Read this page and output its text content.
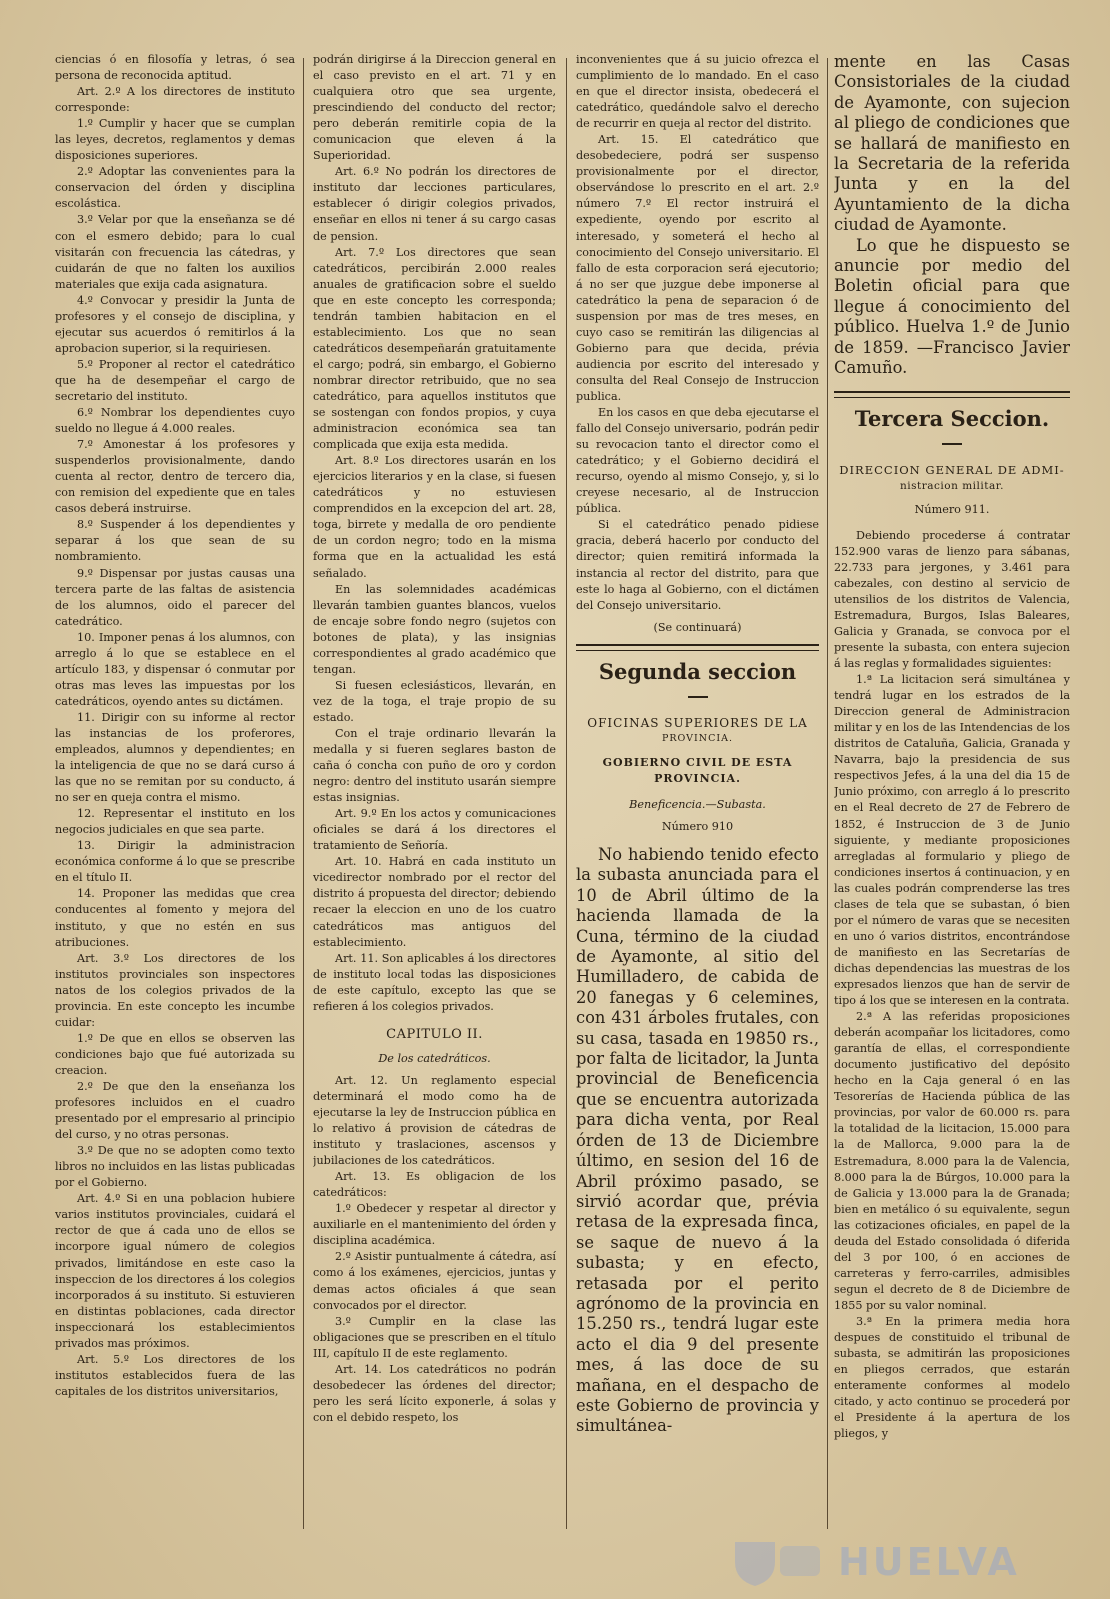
ciencias ó en filosofía y letras, ó sea persona de reconocida aptitud.

Art. 2.º A los directores de instituto corresponde:

1.º Cumplir y hacer que se cumplan las leyes, decretos, reglamentos y demas disposiciones superiores.

2.º Adoptar las convenientes para la conservacion del órden y disciplina escolástica.

3.º Velar por que la enseñanza se dé con el esmero debido; para lo cual visitarán con frecuencia las cátedras, y cuidarán de que no falten los auxilios materiales que exija cada asignatura.

4.º Convocar y presidir la Junta de profesores y el consejo de disciplina, y ejecutar sus acuerdos ó remitirlos á la aprobacion superior, si la requiriesen.

5.º Proponer al rector el catedrático que ha de desempeñar el cargo de secretario del instituto.

6.º Nombrar los dependientes cuyo sueldo no llegue á 4.000 reales.

7.º Amonestar á los profesores y suspenderlos provisionalmente, dando cuenta al rector, dentro de tercero dia, con remision del expediente que en tales casos deberá instruirse.

8.º Suspender á los dependientes y separar á los que sean de su nombramiento.

9.º Dispensar por justas causas una tercera parte de las faltas de asistencia de los alumnos, oido el parecer del catedrático.

10. Imponer penas á los alumnos, con arreglo á lo que se establece en el artículo 183, y dispensar ó conmutar por otras mas leves las impuestas por los catedráticos, oyendo antes su dictámen.

11. Dirigir con su informe al rector las instancias de los proferores, empleados, alumnos y dependientes; en la inteligencia de que no se dará curso á las que no se remitan por su conducto, á no ser en queja contra el mismo.

12. Representar el instituto en los negocios judiciales en que sea parte.

13. Dirigir la administracion económica conforme á lo que se prescribe en el título II.

14. Proponer las medidas que crea conducentes al fomento y mejora del instituto, y que no estén en sus atribuciones.

Art. 3.º Los directores de los institutos provinciales son inspectores natos de los colegios privados de la provincia. En este concepto les incumbe cuidar:

1.º De que en ellos se observen las condiciones bajo que fué autorizada su creacion.

2.º De que den la enseñanza los profesores incluidos en el cuadro presentado por el empresario al principio del curso, y no otras personas.

3.º De que no se adopten como texto libros no incluidos en las listas publicadas por el Gobierno.

Art. 4.º Si en una poblacion hubiere varios institutos provinciales, cuidará el rector de que á cada uno de ellos se incorpore igual número de colegios privados, limitándose en este caso la inspeccion de los directores á los colegios incorporados á su instituto. Si estuvieren en distintas poblaciones, cada director inspeccionará los establecimientos privados mas próximos.

Art. 5.º Los directores de los institutos establecidos fuera de las capitales de los distritos universitarios,

podrán dirigirse á la Direccion general en el caso previsto en el art. 71 y en cualquiera otro que sea urgente, prescindiendo del conducto del rector; pero deberán remitirle copia de la comunicacion que eleven á la Superioridad.

Art. 6.º No podrán los directores de instituto dar lecciones particulares, establecer ó dirigir colegios privados, enseñar en ellos ni tener á su cargo casas de pension.

Art. 7.º Los directores que sean catedráticos, percibirán 2.000 reales anuales de gratificacion sobre el sueldo que en este concepto les corresponda; tendrán tambien habitacion en el establecimiento. Los que no sean catedráticos desempeñarán gratuitamente el cargo; podrá, sin embargo, el Gobierno nombrar director retribuido, que no sea catedrático, para aquellos institutos que se sostengan con fondos propios, y cuya administracion económica sea tan complicada que exija esta medida.

Art. 8.º Los directores usarán en los ejercicios literarios y en la clase, si fuesen catedráticos y no estuviesen comprendidos en la excepcion del art. 28, toga, birrete y medalla de oro pendiente de un cordon negro; todo en la misma forma que en la actualidad les está señalado.

En las solemnidades académicas llevarán tambien guantes blancos, vuelos de encaje sobre fondo negro (sujetos con botones de plata), y las insignias correspondientes al grado académico que tengan.

Si fuesen eclesiásticos, llevarán, en vez de la toga, el traje propio de su estado.

Con el traje ordinario llevarán la medalla y si fueren seglares baston de caña ó concha con puño de oro y cordon negro: dentro del instituto usarán siempre estas insignias.

Art. 9.º En los actos y comunicaciones oficiales se dará á los directores el tratamiento de Señoría.

Art. 10. Habrá en cada instituto un vicedirector nombrado por el rector del distrito á propuesta del director; debiendo recaer la eleccion en uno de los cuatro catedráticos mas antiguos del establecimiento.

Art. 11. Son aplicables á los directores de instituto local todas las disposiciones de este capítulo, excepto las que se refieren á los colegios privados.

CAPITULO II.

De los catedráticos.

Art. 12. Un reglamento especial determinará el modo como ha de ejecutarse la ley de Instruccion pública en lo relativo á provision de cátedras de instituto y traslaciones, ascensos y jubilaciones de los catedráticos.

Art. 13. Es obligacion de los catedráticos:

1.º Obedecer y respetar al director y auxiliarle en el mantenimiento del órden y disciplina académica.

2.º Asistir puntualmente á cátedra, así como á los exámenes, ejercicios, juntas y demas actos oficiales á que sean convocados por el director.

3.º Cumplir en la clase las obligaciones que se prescriben en el título III, capítulo II de este reglamento.

Art. 14. Los catedráticos no podrán desobedecer las órdenes del director; pero les será lícito exponerle, á solas y con el debido respeto, los

inconvenientes que á su juicio ofrezca el cumplimiento de lo mandado. En el caso en que el director insista, obedecerá el catedrático, quedándole salvo el derecho de recurrir en queja al rector del distrito.

Art. 15. El catedrático que desobedeciere, podrá ser suspenso provisionalmente por el director, observándose lo prescrito en el art. 2.º número 7.º El rector instruirá el expediente, oyendo por escrito al interesado, y someterá el hecho al conocimiento del Consejo universitario. El fallo de esta corporacion será ejecutorio; á no ser que juzgue debe imponerse al catedrático la pena de separacion ó de suspension por mas de tres meses, en cuyo caso se remitirán las diligencias al Gobierno para que decida, prévia audiencia por escrito del interesado y consulta del Real Consejo de Instruccion publica.

En los casos en que deba ejecutarse el fallo del Consejo universario, podrán pedir su revocacion tanto el director como el catedrático; y el Gobierno decidirá el recurso, oyendo al mismo Consejo, y, si lo creyese necesario, al de Instruccion pública.

Si el catedrático penado pidiese gracia, deberá hacerlo por conducto del director; quien remitirá informada la instancia al rector del distrito, para que este lo haga al Gobierno, con el dictámen del Consejo universitario.

(Se continuará)

Segunda seccion

OFICINAS SUPERIORES DE LA

PROVINCIA.

GOBIERNO CIVIL DE ESTA PROVINCIA.

Beneficencia.—Subasta.

Número 910

No habiendo tenido efecto la subasta anunciada para el 10 de Abril último de la hacienda llamada de la Cuna, término de la ciudad de Ayamonte, al sitio del Humilladero, de cabida de 20 fanegas y 6 celemines, con 431 árboles frutales, con su casa, tasada en 19850 rs., por falta de licitador, la Junta provincial de Beneficencia que se encuentra autorizada para dicha venta, por Real órden de 13 de Diciembre último, en sesion del 16 de Abril próximo pasado, se sirvió acordar que, prévia retasa de la expresada finca, se saque de nuevo á la subasta; y en efecto, retasada por el perito agrónomo de la provincia en 15.250 rs., tendrá lugar este acto el dia 9 del presente mes, á las doce de su mañana, en el despacho de este Gobierno de provincia y simultánea-

mente en las Casas Consistoriales de la ciudad de Ayamonte, con sujecion al pliego de condiciones que se hallará de manifiesto en la Secretaria de la referida Junta y en la del Ayuntamiento de la dicha ciudad de Ayamonte.

Lo que he dispuesto se anuncie por medio del Boletin oficial para que llegue á conocimiento del público. Huelva 1.º de Junio de 1859. —Francisco Javier Camuño.

Tercera Seccion.

DIRECCION GENERAL DE ADMI-

nistracion militar.

Número 911.

Debiendo procederse á contratar 152.900 varas de lienzo para sábanas, 22.733 para jergones, y 3.461 para cabezales, con destino al servicio de utensilios de los distritos de Valencia, Estremadura, Burgos, Islas Baleares, Galicia y Granada, se convoca por el presente la subasta, con entera sujecion á las reglas y formalidades siguientes:

1.ª La licitacion será simultánea y tendrá lugar en los estrados de la Direccion general de Administracion militar y en los de las Intendencias de los distritos de Cataluña, Galicia, Granada y Navarra, bajo la presidencia de sus respectivos Jefes, á la una del dia 15 de Junio próximo, con arreglo á lo prescrito en el Real decreto de 27 de Febrero de 1852, é Instruccion de 3 de Junio siguiente, y mediante proposiciones arregladas al formulario y pliego de condiciones insertos á continuacion, y en las cuales podrán comprenderse las tres clases de tela que se subastan, ó bien por el número de varas que se necesiten en uno ó varios distritos, encontrándose de manifiesto en las Secretarías de dichas dependencias las muestras de los expresados lienzos que han de servir de tipo á los que se interesen en la contrata.

2.ª A las referidas proposiciones deberán acompañar los licitadores, como garantía de ellas, el correspondiente documento justificativo del depósito hecho en la Caja general ó en las Tesorerías de Hacienda pública de las provincias, por valor de 60.000 rs. para la totalidad de la licitacion, 15.000 para la de Mallorca, 9.000 para la de Estremadura, 8.000 para la de Valencia, 8.000 para la de Búrgos, 10.000 para la de Galicia y 13.000 para la de Granada; bien en metálico ó su equivalente, segun las cotizaciones oficiales, en papel de la deuda del Estado consolidada ó diferida del 3 por 100, ó en acciones de carreteras y ferro-carriles, admisibles segun el decreto de 8 de Diciembre de 1855 por su valor nominal.

3.ª En la primera media hora despues de constituido el tribunal de subasta, se admitirán las proposiciones en pliegos cerrados, que estarán enteramente conformes al modelo citado, y acto continuo se procederá por el Presidente á la apertura de los pliegos, y

HUELVA
